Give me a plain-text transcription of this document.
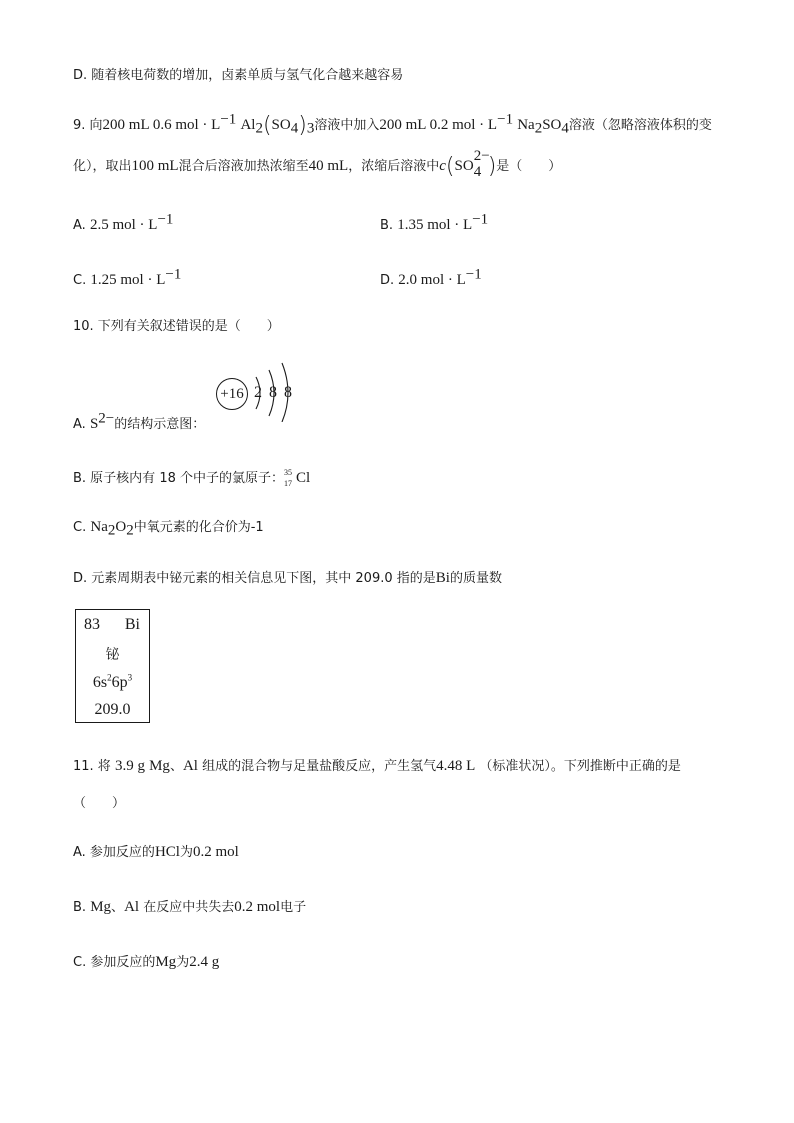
D. 随着核电荷数的增加，卤素单质与氢气化合越来越容易
9. 向200 mL 0.6 mol · $L^{-1}$ $Al_2(SO_4)_3$溶液中加入200 mL 0.2 mol · $L^{-1}$ $Na_2SO_4$溶液（忽略溶液体积的变
化），取出100 mL混合后溶液加热浓缩至40 mL，浓缩后溶液中c(SO
2−
4 )是（　　）
A. 2.5 mol · $L^{-1}$	B. 1.35 mol · $L^{-1}$
C. 1.25 mol · $L^{-1}$	D. 2.0 mol · $L^{-1}$
10. 下列有关叙述错误的是（　　）
A. $S^{2-}$的结构示意图：
+16 2 8 8
B. 原子核内有 18 个中子的氯原子： 35
17 Cl
C. $Na_2O_2$中氧元素的化合价为-1
D. 元素周期表中铋元素的相关信息见下图，其中 209.0 指的是Bi的质量数
83 Bi
铋
$6s^26p^3$
209.0
11. 将 3.9 g Mg、Al 组成的混合物与足量盐酸反应，产生氢气4.48 L （标准状况）。下列推断中正确的是
（　　）
A. 参加反应的HCl为0.2 mol
B. Mg、Al 在反应中共失去0.2 mol电子
C. 参加反应的Mg为2.4 g
